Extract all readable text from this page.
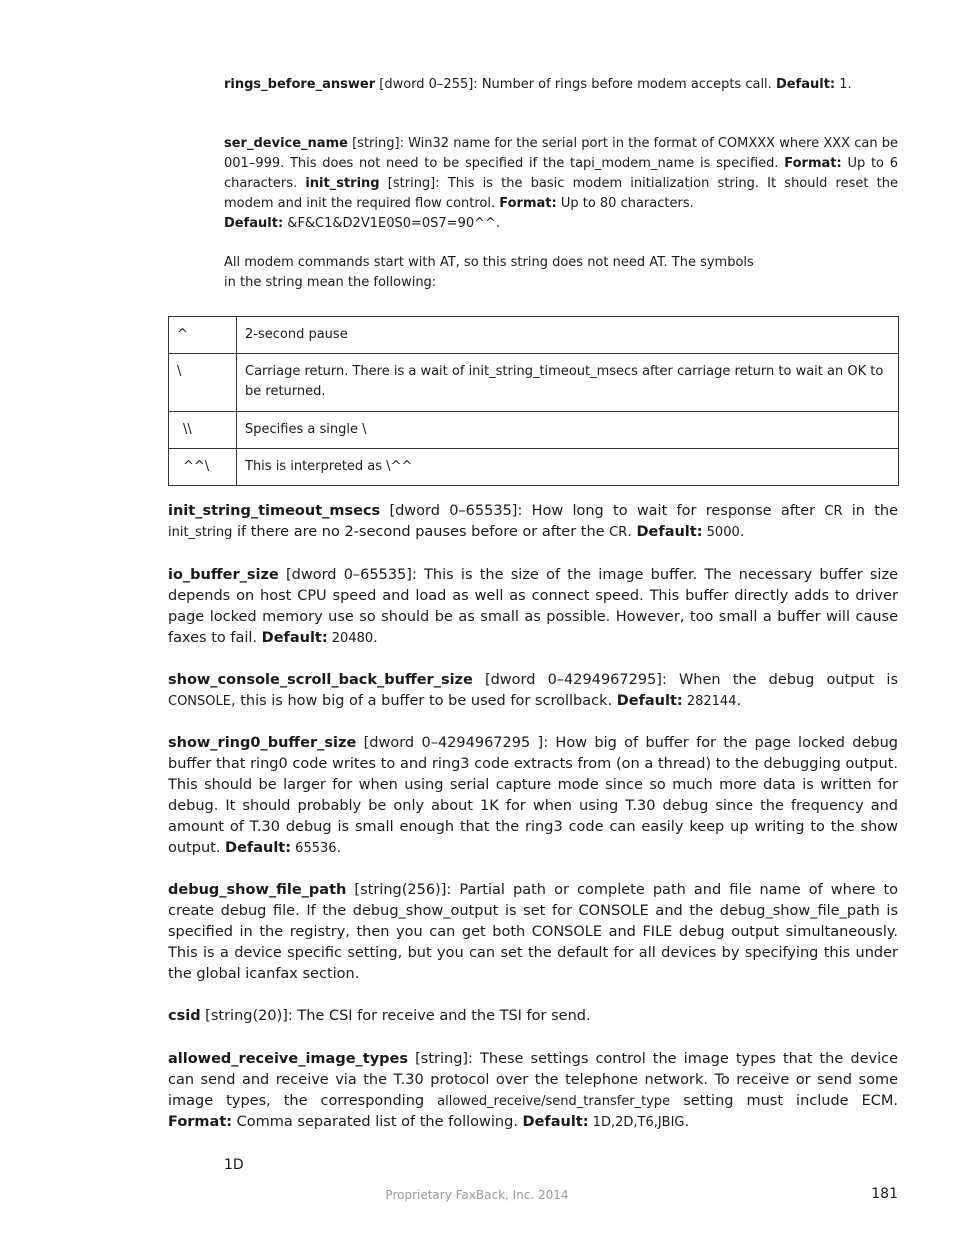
rings_before_answer [dword 0–255]: Number of rings before modem accepts call. Default: 1.

ser_device_name [string]: Win32 name for the serial port in the format of COMXXX where XXX can be 001–999. This does not need to be specified if the tapi_modem_name is specified. Format: Up to 6 characters. init_string [string]: This is the basic modem initialization string. It should reset the modem and init the required flow control. Format: Up to 80 characters.
Default: &F&C1&D2V1E0S0=0S7=90^^.

All modem commands start with AT, so this string does not need AT. The symbols
in the string mean the following:

^	2-second pause
\	Carriage return. There is a wait of init_string_timeout_msecs after carriage return to wait an OK to be returned.
\\	Specifies a single \
^^\	This is interpreted as \^^

init_string_timeout_msecs [dword 0–65535]: How long to wait for response after CR in the init_string if there are no 2-second pauses before or after the CR. Default: 5000.

io_buffer_size [dword 0–65535]: This is the size of the image buffer. The necessary buffer size depends on host CPU speed and load as well as connect speed. This buffer directly adds to driver page locked memory use so should be as small as possible. However, too small a buffer will cause faxes to fail. Default: 20480.

show_console_scroll_back_buffer_size [dword 0–4294967295]: When the debug output is CONSOLE, this is how big of a buffer to be used for scrollback. Default: 282144.

show_ring0_buffer_size [dword 0–4294967295 ]: How big of buffer for the page locked debug buffer that ring0 code writes to and ring3 code extracts from (on a thread) to the debugging output. This should be larger for when using serial capture mode since so much more data is written for debug. It should probably be only about 1K for when using T.30 debug since the frequency and amount of T.30 debug is small enough that the ring3 code can easily keep up writing to the show output. Default: 65536.

debug_show_file_path [string(256)]: Partial path or complete path and file name of where to create debug file. If the debug_show_output is set for CONSOLE and the debug_show_file_path is specified in the registry, then you can get both CONSOLE and FILE debug output simultaneously. This is a device specific setting, but you can set the default for all devices by specifying this under the global icanfax section.

csid [string(20)]: The CSI for receive and the TSI for send.

allowed_receive_image_types [string]: These settings control the image types that the device can send and receive via the T.30 protocol over the telephone network. To receive or send some image types, the corresponding allowed_receive/send_transfer_type setting must include ECM. Format: Comma separated list of the following. Default: 1D,2D,T6,JBIG.

1D

Proprietary FaxBack, Inc. 2014	181
